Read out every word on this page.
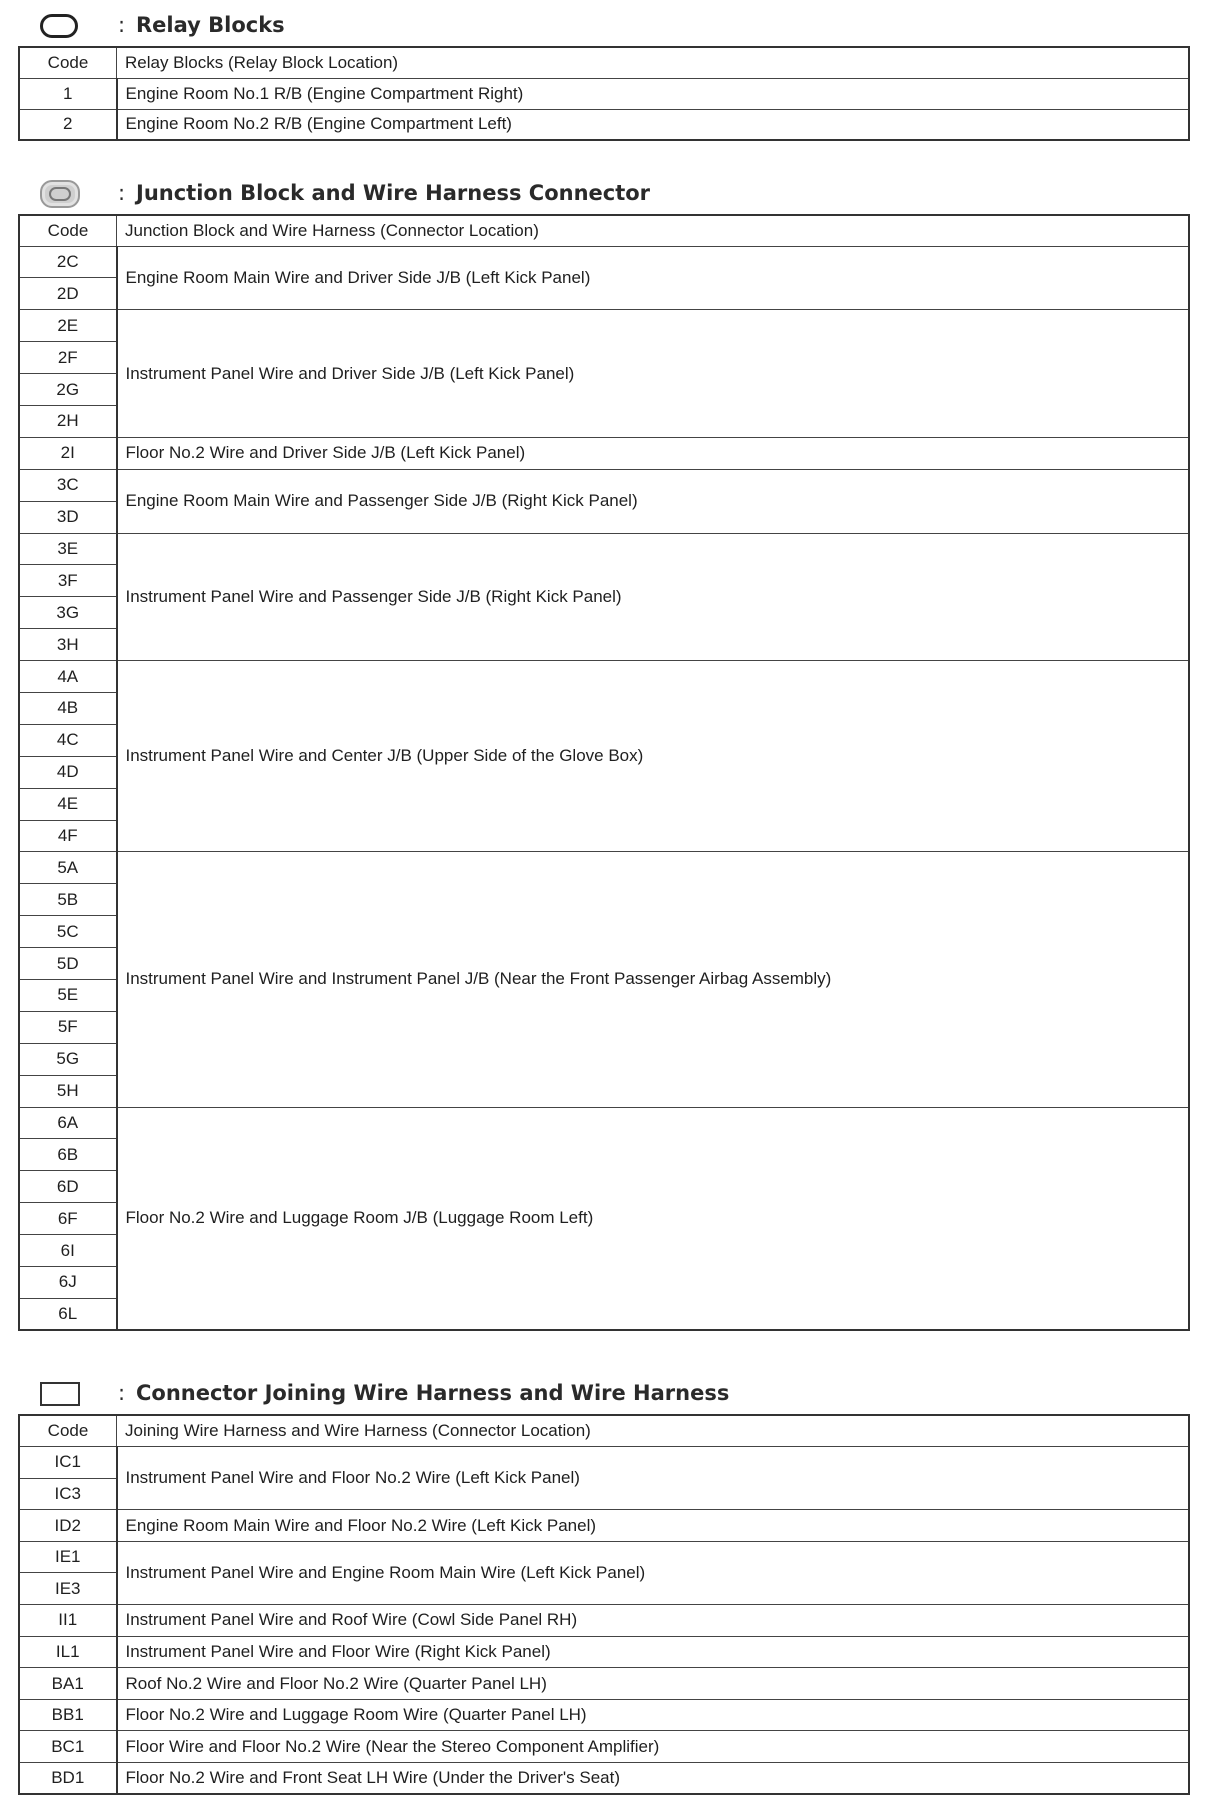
: Relay Blocks
Code	Relay Blocks (Relay Block Location)
1	Engine Room No.1 R/B (Engine Compartment Right)
2	Engine Room No.2 R/B (Engine Compartment Left)
: Junction Block and Wire Harness Connector
Code	Junction Block and Wire Harness (Connector Location)
2C	Engine Room Main Wire and Driver Side J/B (Left Kick Panel)
2D	
2E	Instrument Panel Wire and Driver Side J/B (Left Kick Panel)
2F	
2G	
2H	
2I	Floor No.2 Wire and Driver Side J/B (Left Kick Panel)
3C	Engine Room Main Wire and Passenger Side J/B (Right Kick Panel)
3D	
3E	Instrument Panel Wire and Passenger Side J/B (Right Kick Panel)
3F	
3G	
3H	
4A	Instrument Panel Wire and Center J/B (Upper Side of the Glove Box)
4B	
4C	
4D	
4E	
4F	
5A	Instrument Panel Wire and Instrument Panel J/B (Near the Front Passenger Airbag Assembly)
5B	
5C	
5D	
5E	
5F	
5G	
5H	
6A	Floor No.2 Wire and Luggage Room J/B (Luggage Room Left)
6B	
6D	
6F	
6I	
6J	
6L	
: Connector Joining Wire Harness and Wire Harness
Code	Joining Wire Harness and Wire Harness (Connector Location)
IC1	Instrument Panel Wire and Floor No.2 Wire (Left Kick Panel)
IC3	
ID2	Engine Room Main Wire and Floor No.2 Wire (Left Kick Panel)
IE1	Instrument Panel Wire and Engine Room Main Wire (Left Kick Panel)
IE3	
II1	Instrument Panel Wire and Roof Wire (Cowl Side Panel RH)
IL1	Instrument Panel Wire and Floor Wire (Right Kick Panel)
BA1	Roof No.2 Wire and Floor No.2 Wire (Quarter Panel LH)
BB1	Floor No.2 Wire and Luggage Room Wire (Quarter Panel LH)
BC1	Floor Wire and Floor No.2 Wire (Near the Stereo Component Amplifier)
BD1	Floor No.2 Wire and Front Seat LH Wire (Under the Driver's Seat)
